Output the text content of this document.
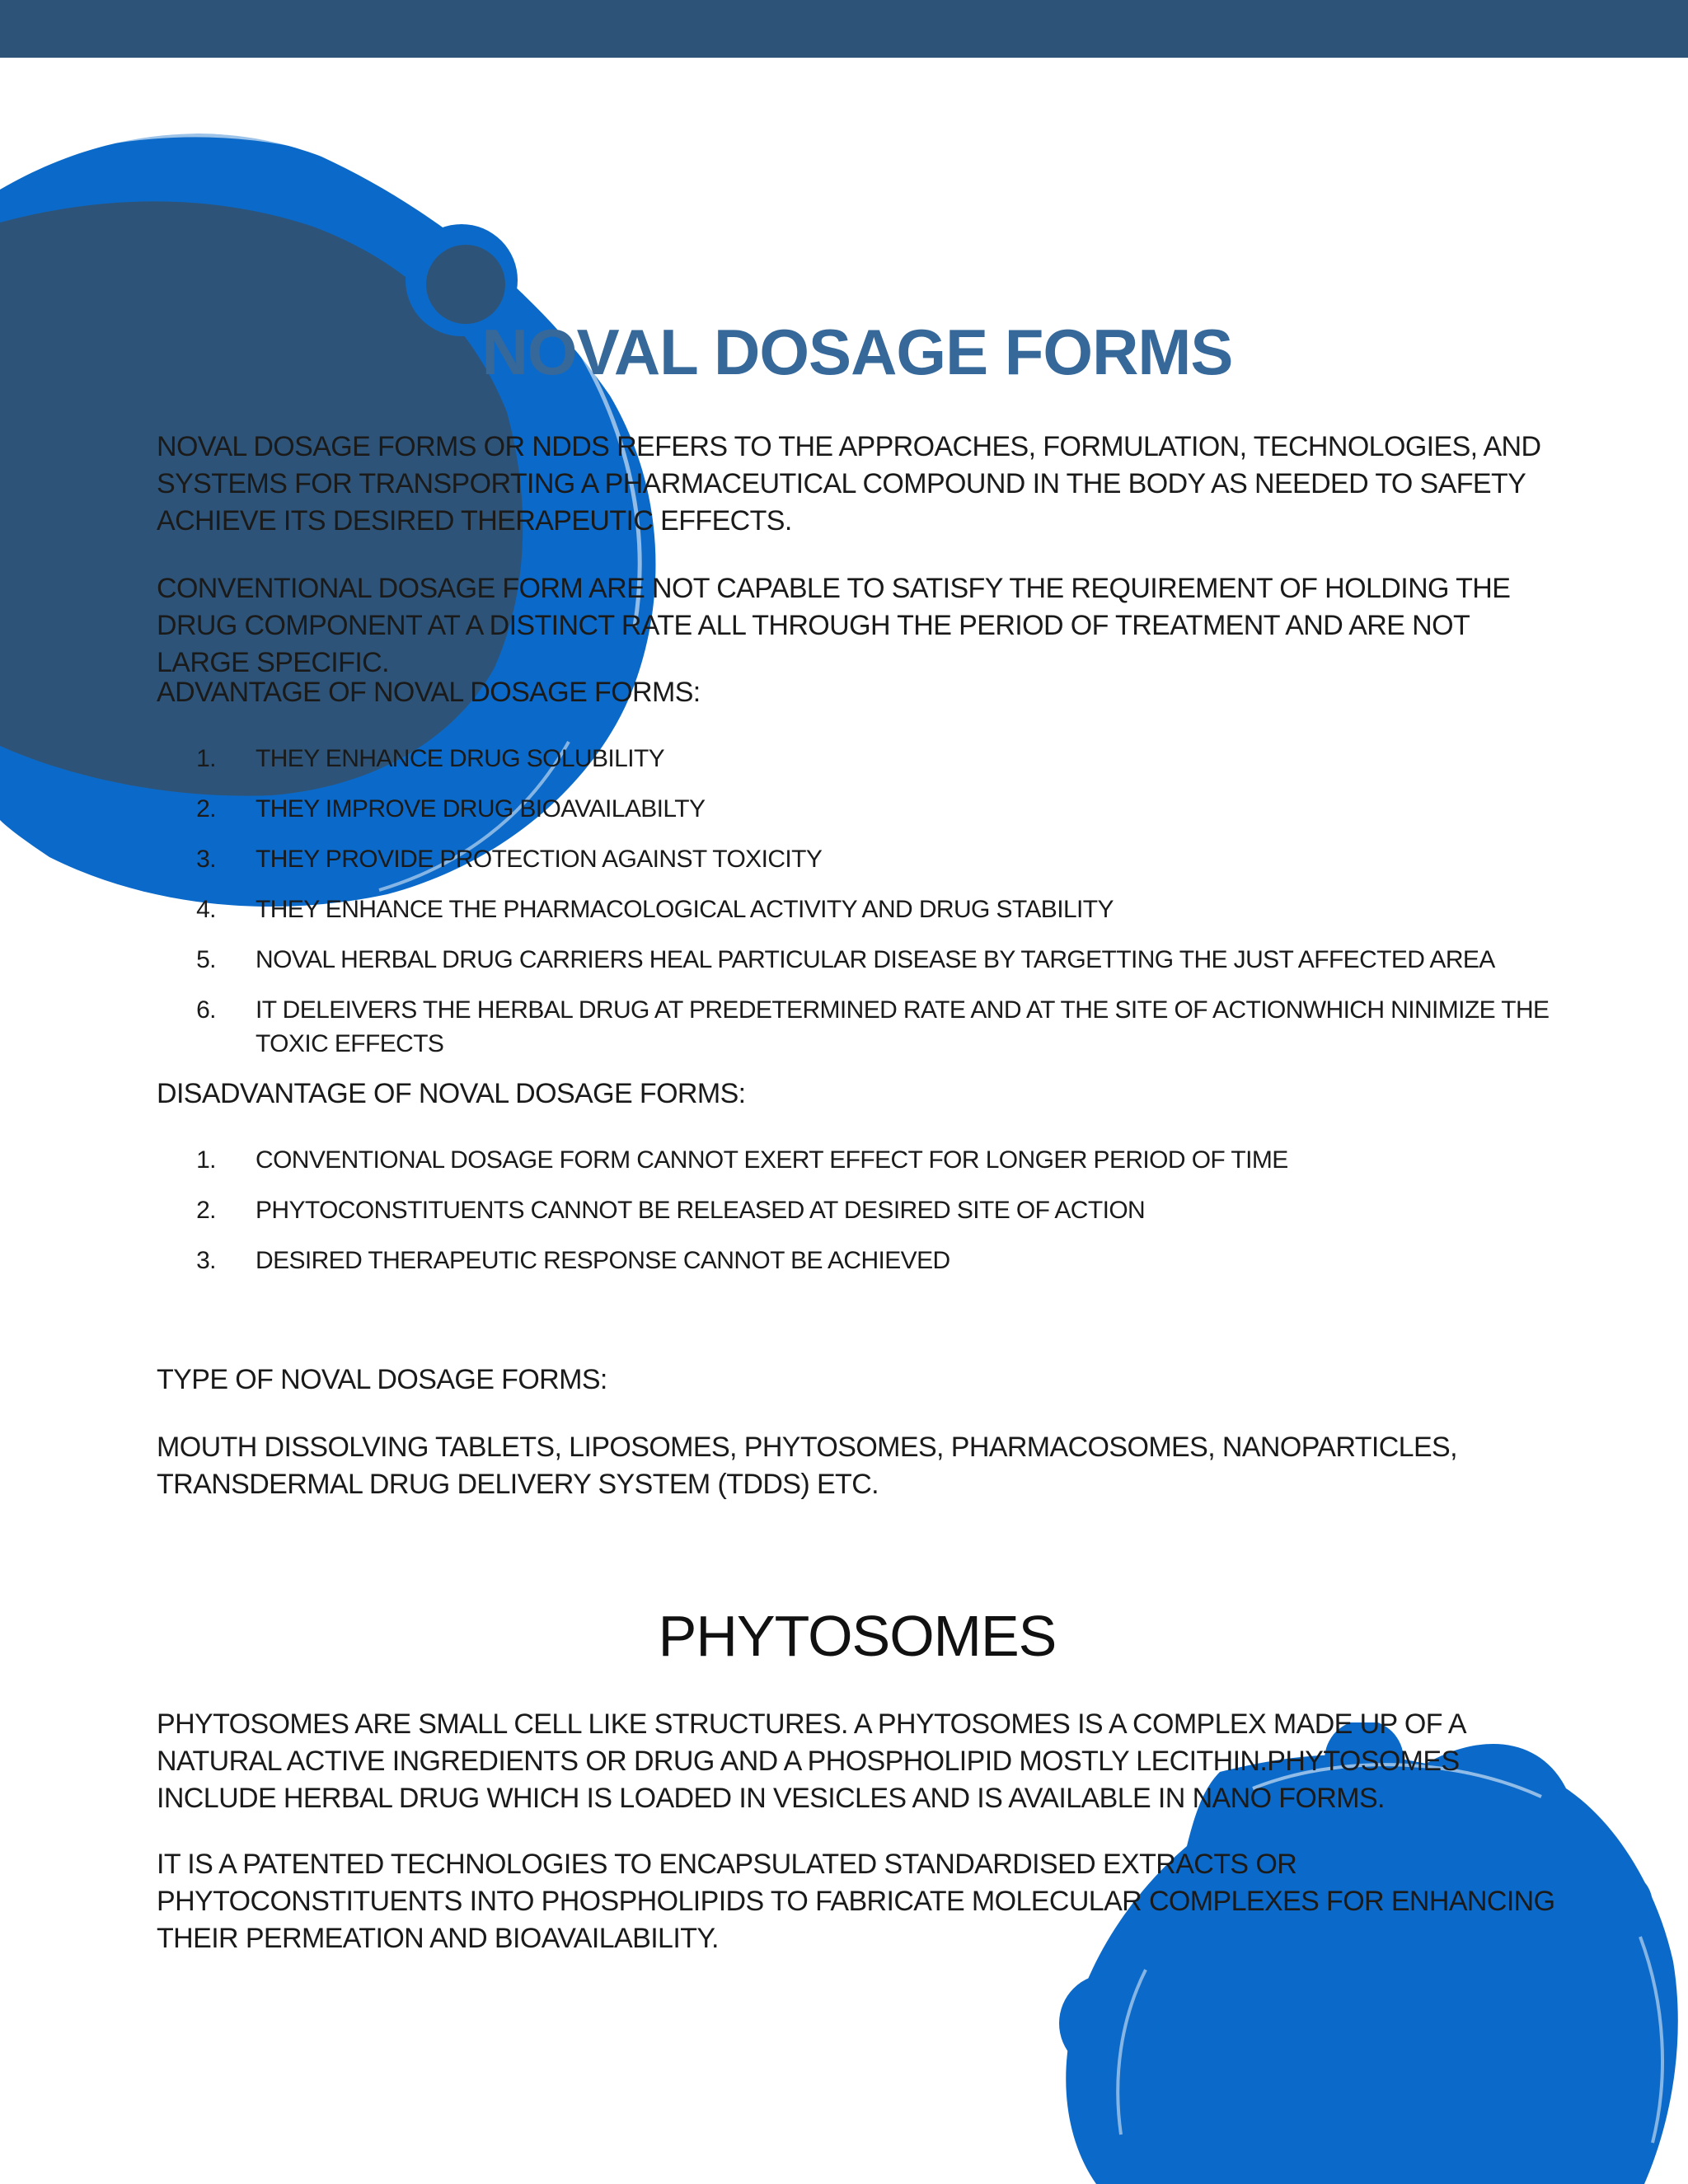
NOVAL DOSAGE FORMS

NOVAL DOSAGE FORMS OR NDDS REFERS TO THE APPROACHES, FORMULATION, TECHNOLOGIES, AND SYSTEMS FOR TRANSPORTING A PHARMACEUTICAL COMPOUND IN THE BODY AS NEEDED TO SAFETY ACHIEVE ITS DESIRED THERAPEUTIC EFFECTS.

CONVENTIONAL DOSAGE FORM ARE NOT CAPABLE TO SATISFY THE REQUIREMENT OF HOLDING THE DRUG COMPONENT AT A DISTINCT RATE ALL THROUGH THE PERIOD OF TREATMENT AND ARE NOT LARGE SPECIFIC.

ADVANTAGE OF NOVAL DOSAGE FORMS:

1.	THEY ENHANCE DRUG SOLUBILITY
2.	THEY IMPROVE DRUG BIOAVAILABILTY
3.	THEY PROVIDE PROTECTION AGAINST TOXICITY
4.	THEY ENHANCE THE PHARMACOLOGICAL ACTIVITY AND DRUG STABILITY
5.	NOVAL HERBAL DRUG CARRIERS HEAL PARTICULAR DISEASE BY TARGETTING THE JUST AFFECTED AREA
6.	IT DELEIVERS THE HERBAL DRUG AT PREDETERMINED RATE AND AT THE SITE OF ACTIONWHICH NINIMIZE THE TOXIC EFFECTS

DISADVANTAGE OF NOVAL DOSAGE FORMS:

1.	CONVENTIONAL DOSAGE FORM CANNOT EXERT EFFECT FOR LONGER PERIOD OF TIME
2.	PHYTOCONSTITUENTS CANNOT BE RELEASED AT DESIRED SITE OF ACTION
3.	DESIRED THERAPEUTIC RESPONSE CANNOT BE ACHIEVED

TYPE OF NOVAL DOSAGE FORMS:

MOUTH DISSOLVING TABLETS, LIPOSOMES, PHYTOSOMES, PHARMACOSOMES, NANOPARTICLES, TRANSDERMAL DRUG DELIVERY SYSTEM (TDDS) ETC.

PHYTOSOMES

PHYTOSOMES ARE SMALL CELL LIKE STRUCTURES. A PHYTOSOMES IS A COMPLEX MADE UP OF A NATURAL ACTIVE INGREDIENTS OR DRUG AND A PHOSPHOLIPID MOSTLY LECITHIN.PHYTOSOMES INCLUDE HERBAL DRUG WHICH IS LOADED IN VESICLES AND IS AVAILABLE IN NANO FORMS.

IT IS A PATENTED TECHNOLOGIES TO ENCAPSULATED STANDARDISED EXTRACTS OR PHYTOCONSTITUENTS INTO PHOSPHOLIPIDS TO FABRICATE MOLECULAR COMPLEXES FOR ENHANCING THEIR PERMEATION AND BIOAVAILABILITY.
